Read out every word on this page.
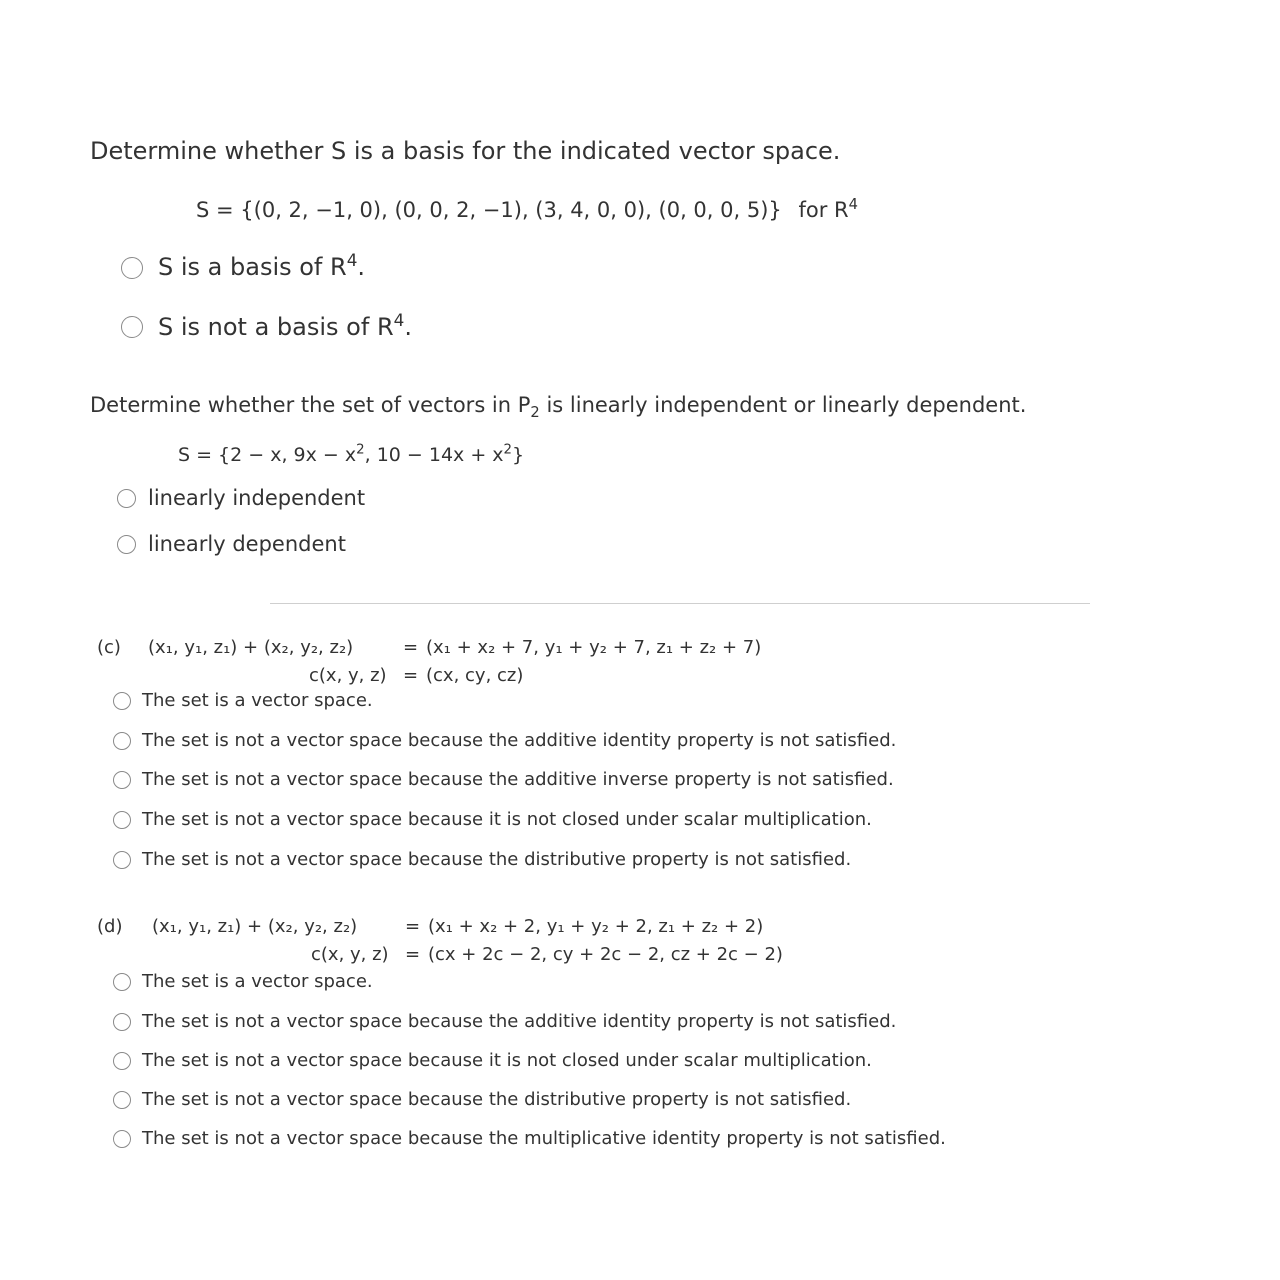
Determine whether S is a basis for the indicated vector space.
S = {(0, 2, −1, 0), (0, 0, 2, −1), (3, 4, 0, 0), (0, 0, 0, 5)} for $R^4$
S is a basis of $R^4$.
S is not a basis of $R^4$.
Determine whether the set of vectors in $P_2$ is linearly independent or linearly dependent.
S = {2 − x, $9x - x^2$, $10 - 14x + x^2$}
linearly independent
linearly dependent
(c) (x₁, y₁, z₁) + (x₂, y₂, z₂)	= (x₁ + x₂ + 7, y₁ + y₂ + 7, z₁ + z₂ + 7)
c(x, y, z) = (cx, cy, cz)
The set is a vector space.
The set is not a vector space because the additive identity property is not satisfied.
The set is not a vector space because the additive inverse property is not satisfied.
The set is not a vector space because it is not closed under scalar multiplication.
The set is not a vector space because the distributive property is not satisfied.
(d) (x₁, y₁, z₁) + (x₂, y₂, z₂)	= (x₁ + x₂ + 2, y₁ + y₂ + 2, z₁ + z₂ + 2)
c(x, y, z) = (cx + 2c − 2, cy + 2c − 2, cz + 2c − 2)
The set is a vector space.
The set is not a vector space because the additive identity property is not satisfied.
The set is not a vector space because it is not closed under scalar multiplication.
The set is not a vector space because the distributive property is not satisfied.
The set is not a vector space because the multiplicative identity property is not satisfied.
